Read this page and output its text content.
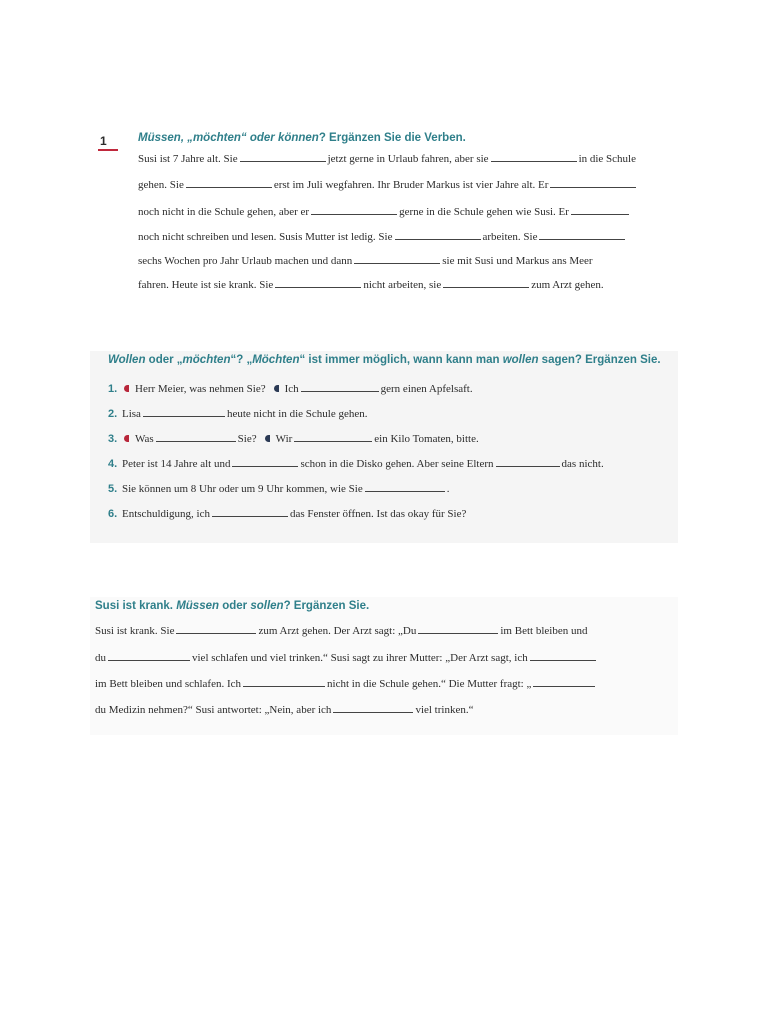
1	Müssen, „möchten“ oder können? Ergänzen Sie die Verben.
Susi ist 7 Jahre alt. Sie	jetzt gerne in Urlaub fahren, aber sie	in die Schule
gehen. Sie	erst im Juli wegfahren. Ihr Bruder Markus ist vier Jahre alt. Er
noch nicht in die Schule gehen, aber er	gerne in die Schule gehen wie Susi. Er
noch nicht schreiben und lesen. Susis Mutter ist ledig. Sie	arbeiten. Sie
sechs Wochen pro Jahr Urlaub machen und dann	sie mit Susi und Markus ans Meer
fahren. Heute ist sie krank. Sie	nicht arbeiten, sie	zum Arzt gehen.
Wollen oder „möchten“? „Möchten“ ist immer möglich, wann kann man wollen sagen? Ergänzen Sie.
1. Herr Meier, was nehmen Sie? Ich	gern einen Apfelsaft.
2. Lisa	heute nicht in die Schule gehen.
3. Was	Sie? Wir	ein Kilo Tomaten, bitte.
4. Peter ist 14 Jahre alt und	schon in die Disko gehen. Aber seine Eltern	das nicht.
5. Sie können um 8 Uhr oder um 9 Uhr kommen, wie Sie	.
6. Entschuldigung, ich	das Fenster öffnen. Ist das okay für Sie?
Susi ist krank. Müssen oder sollen? Ergänzen Sie.
Susi ist krank. Sie	zum Arzt gehen. Der Arzt sagt: „Du	im Bett bleiben und
du	viel schlafen und viel trinken.“ Susi sagt zu ihrer Mutter: „Der Arzt sagt, ich
im Bett bleiben und schlafen. Ich	nicht in die Schule gehen.“ Die Mutter fragt: „
du Medizin nehmen?“ Susi antwortet: „Nein, aber ich	viel trinken.“
